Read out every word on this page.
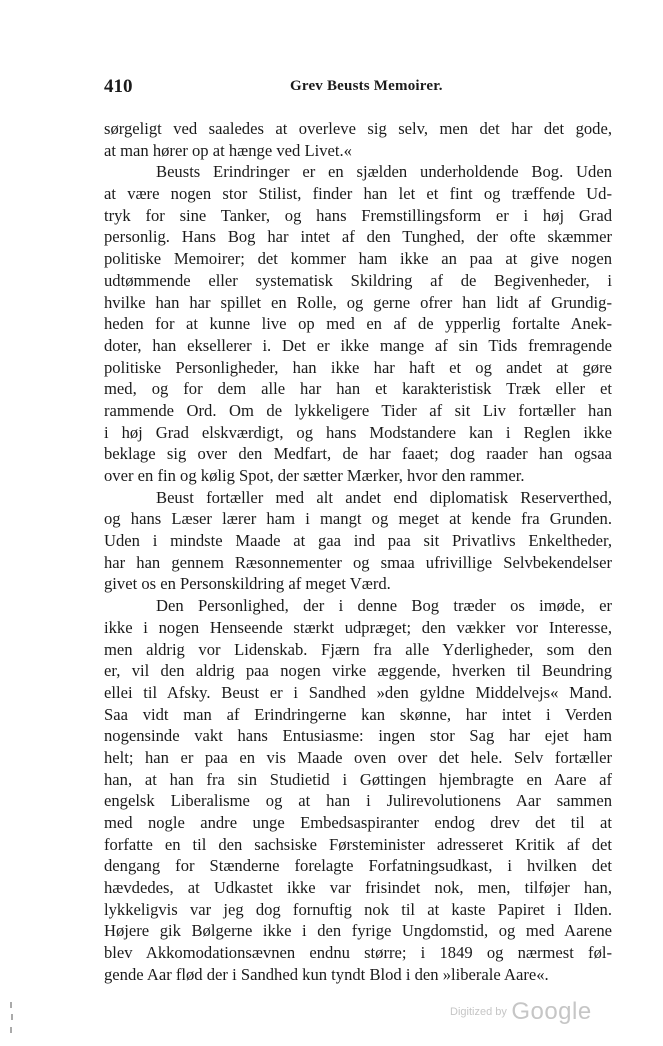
410	Grev Beusts Memoirer.
sørgeligt ved saaledes at overleve sig selv, men det har det gode,
at man hører op at hænge ved Livet.«
Beusts Erindringer er en sjælden underholdende Bog. Uden
at være nogen stor Stilist, finder han let et fint og træffende Ud-
tryk for sine Tanker, og hans Fremstillingsform er i høj Grad
personlig. Hans Bog har intet af den Tunghed, der ofte skæmmer
politiske Memoirer; det kommer ham ikke an paa at give nogen
udtømmende eller systematisk Skildring af de Begivenheder, i
hvilke han har spillet en Rolle, og gerne ofrer han lidt af Grundig-
heden for at kunne live op med en af de ypperlig fortalte Anek-
doter, han eksellerer i. Det er ikke mange af sin Tids fremragende
politiske Personligheder, han ikke har haft et og andet at gøre
med, og for dem alle har han et karakteristisk Træk eller et
rammende Ord. Om de lykkeligere Tider af sit Liv fortæller han
i høj Grad elskværdigt, og hans Modstandere kan i Reglen ikke
beklage sig over den Medfart, de har faaet; dog raader han ogsaa
over en fin og kølig Spot, der sætter Mærker, hvor den rammer.
Beust fortæller med alt andet end diplomatisk Reserverthed,
og hans Læser lærer ham i mangt og meget at kende fra Grunden.
Uden i mindste Maade at gaa ind paa sit Privatlivs Enkeltheder,
har han gennem Ræsonnementer og smaa ufrivillige Selvbekendelser
givet os en Personskildring af meget Værd.
Den Personlighed, der i denne Bog træder os imøde, er
ikke i nogen Henseende stærkt udpræget; den vækker vor Interesse,
men aldrig vor Lidenskab. Fjærn fra alle Yderligheder, som den
er, vil den aldrig paa nogen virke æggende, hverken til Beundring
ellei til Afsky. Beust er i Sandhed »den gyldne Middelvejs« Mand.
Saa vidt man af Erindringerne kan skønne, har intet i Verden
nogensinde vakt hans Entusiasme: ingen stor Sag har ejet ham
helt; han er paa en vis Maade oven over det hele. Selv fortæller
han, at han fra sin Studietid i Gøttingen hjembragte en Aare af
engelsk Liberalisme og at han i Julirevolutionens Aar sammen
med nogle andre unge Embedsaspiranter endog drev det til at
forfatte en til den sachsiske Førsteminister adresseret Kritik af det
dengang for Stænderne forelagte Forfatningsudkast, i hvilken det
hævdedes, at Udkastet ikke var frisindet nok, men, tilføjer han,
lykkeligvis var jeg dog fornuftig nok til at kaste Papiret i Ilden.
Højere gik Bølgerne ikke i den fyrige Ungdomstid, og med Aarene
blev Akkomodationsævnen endnu større; i 1849 og nærmest føl-
gende Aar flød der i Sandhed kun tyndt Blod i den »liberale Aare«.
$^{Digitized by}$ Google
